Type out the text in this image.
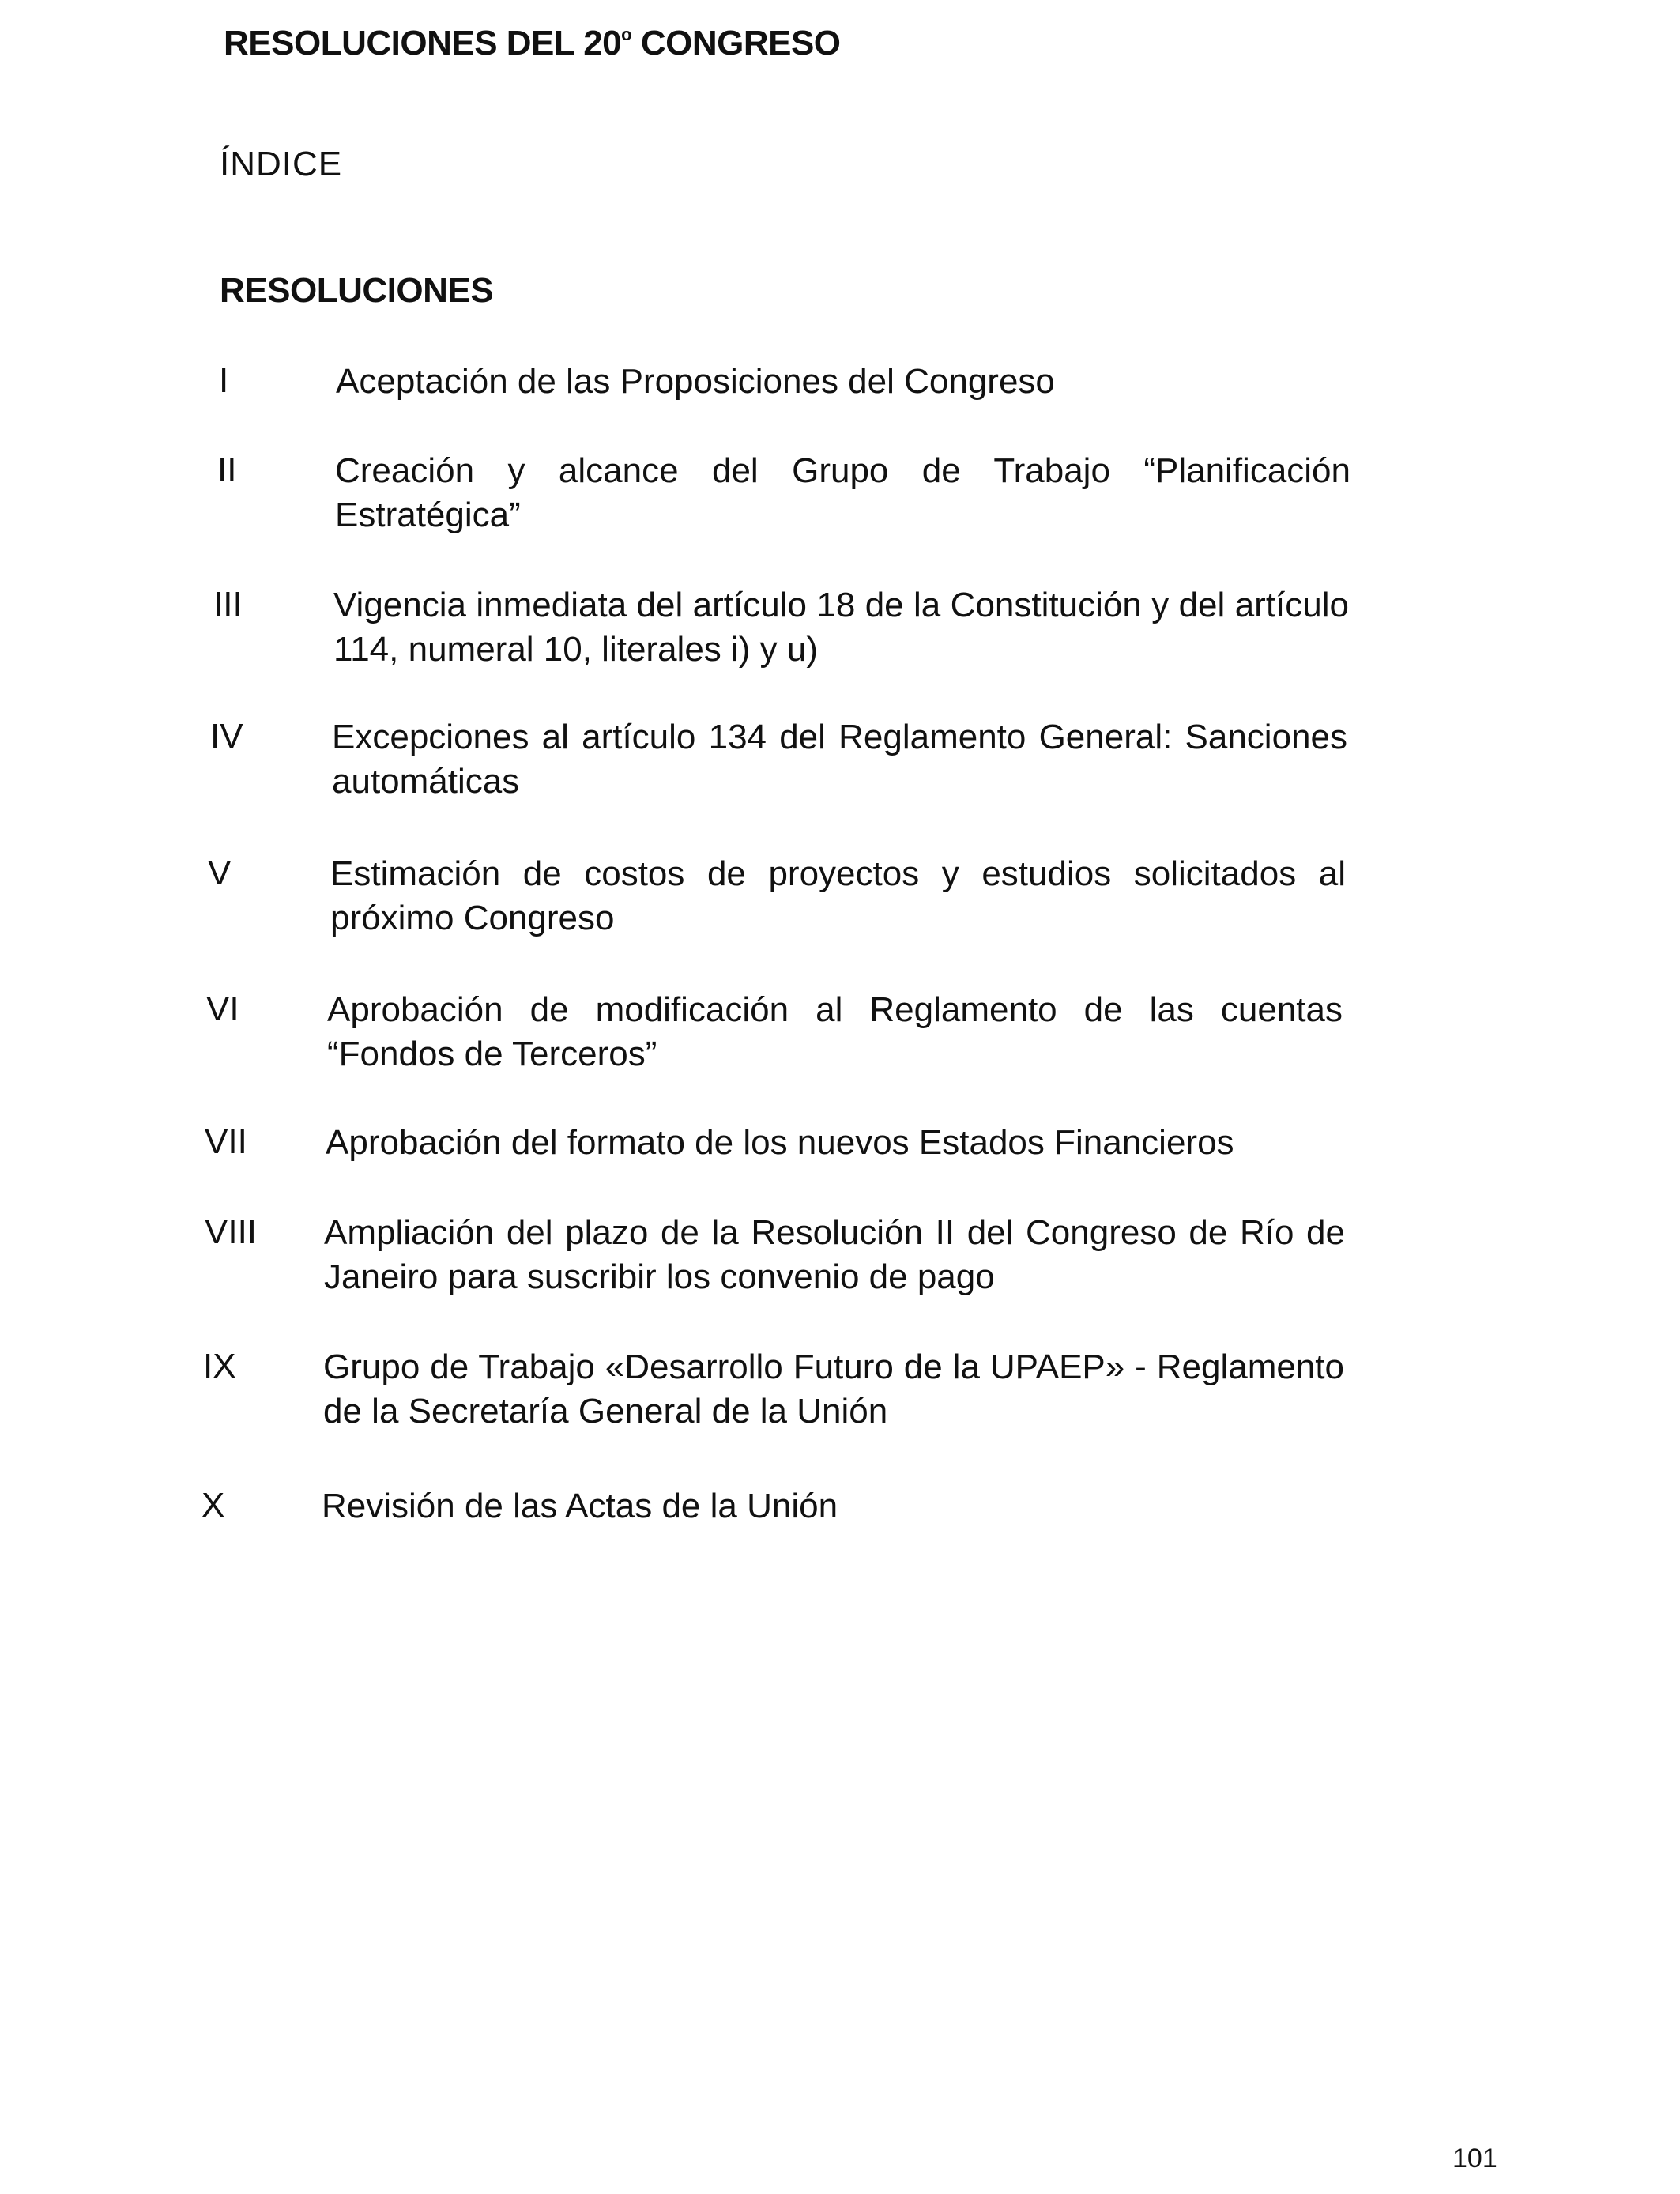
RESOLUCIONES DEL 20$^o$ CONGRESO
ÍNDICE
RESOLUCIONES
I	Aceptación de las Proposiciones del Congreso
II	Creación y alcance del Grupo de Trabajo “Planificación Estratégica”
III	Vigencia inmediata del artículo 18 de la Constitución y del artículo 114, numeral 10, literales i) y u)
IV	Excepciones al artículo 134 del Reglamento General: Sanciones automáticas
V	Estimación de costos de proyectos y estudios solicitados al próximo Congreso
VI	Aprobación de modificación al Reglamento de las cuentas “Fondos de Terceros”
VII Aprobación del formato de los nuevos Estados Financieros
VIII Ampliación del plazo de la Resolución II del Congreso de Río de Janeiro para suscribir los convenio de pago
IX	Grupo de Trabajo «Desarrollo Futuro de la UPAEP» - Reglamento de la Secretaría General de la Unión
X	Revisión de las Actas de la Unión
101
